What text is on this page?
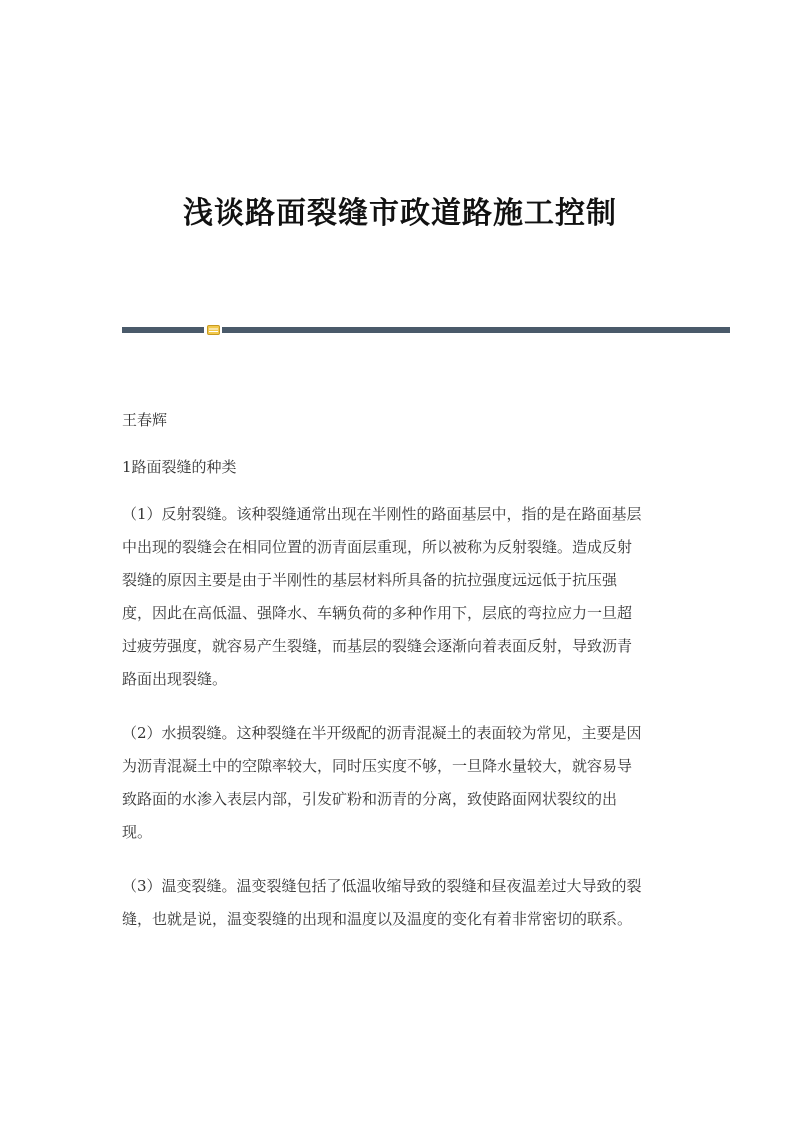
浅谈路面裂缝市政道路施工控制
王春辉
1路面裂缝的种类
（1）反射裂缝。该种裂缝通常出现在半刚性的路面基层中，指的是在路面基层
中出现的裂缝会在相同位置的沥青面层重现，所以被称为反射裂缝。造成反射
裂缝的原因主要是由于半刚性的基层材料所具备的抗拉强度远远低于抗压强
度，因此在高低温、强降水、车辆负荷的多种作用下，层底的弯拉应力一旦超
过疲劳强度，就容易产生裂缝，而基层的裂缝会逐渐向着表面反射，导致沥青
路面出现裂缝。
（2）水损裂缝。这种裂缝在半开级配的沥青混凝土的表面较为常见，主要是因
为沥青混凝土中的空隙率较大，同时压实度不够，一旦降水量较大，就容易导
致路面的水渗入表层内部，引发矿粉和沥青的分离，致使路面网状裂纹的出
现。
（3）温变裂缝。温变裂缝包括了低温收缩导致的裂缝和昼夜温差过大导致的裂
缝，也就是说，温变裂缝的出现和温度以及温度的变化有着非常密切的联系。
